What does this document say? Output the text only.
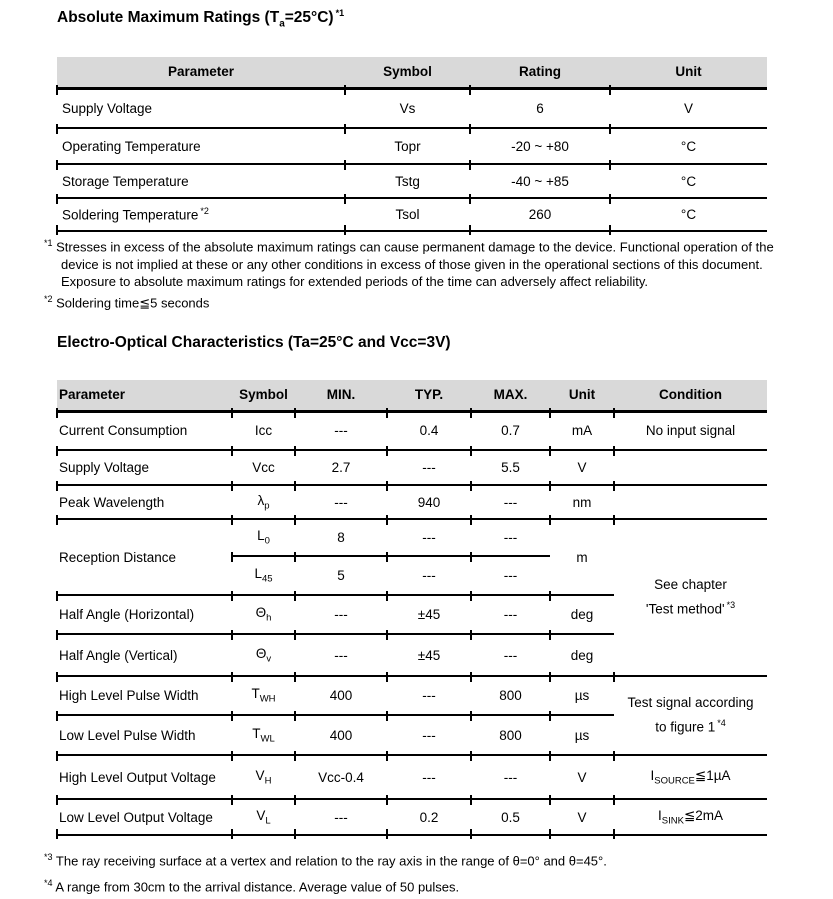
Absolute Maximum Ratings $(T_a=25^\circ C)$ $^{*1}$
Parameter	Symbol	Rating	Unit
Supply Voltage	Vs	6	V
Operating Temperature	Topr	-20 ~ +80	°C
Storage Temperature	Tstg	-40 ~ +85	°C
Soldering Temperature $^{*2}$	Tsol	260	°C

$^{*1}$ Stresses in excess of the absolute maximum ratings can cause permanent damage to the device. Functional operation of the device is not implied at these or any other conditions in excess of those given in the operational sections of this document. Exposure to absolute maximum ratings for extended periods of the time can adversely affect reliability.

$^{*2}$ Soldering time≦5 seconds

Electro-Optical Characteristics (Ta=25°C and Vcc=3V)
Parameter	Symbol	MIN.	TYP.	MAX.	Unit	Condition
Current Consumption	Icc	---	0.4	0.7	mA	No input signal
Supply Voltage	Vcc	2.7	---	5.5	V	
Peak Wavelength	$\lambda_p$	---	940	---	nm	
Reception Distance	$L_0$	8	---	---	m	See chapter
'Test method' $^{*3}$
	$L_{45}$	5	---	---		
Half Angle (Horizontal)	$\Theta_h$	---	±45	---	deg	
Half Angle (Vertical)	$\Theta_v$	---	±45	---	deg	
High Level Pulse Width	$T_{WH}$	400	---	800	µs	Test signal according
to figure 1 $^{*4}$
Low Level Pulse Width	$T_{WL}$	400	---	800	µs	
High Level Output Voltage	$V_H$	Vcc-0.4	---	---	V	$I_{SOURCE}≦1\mu A$
Low Level Output Voltage	$V_L$	---	0.2	0.5	V	$I_{SINK}≦2mA$

$^{*3}$ The ray receiving surface at a vertex and relation to the ray axis in the range of θ=0° and θ=45°.

$^{*4}$ A range from 30cm to the arrival distance. Average value of 50 pulses.
